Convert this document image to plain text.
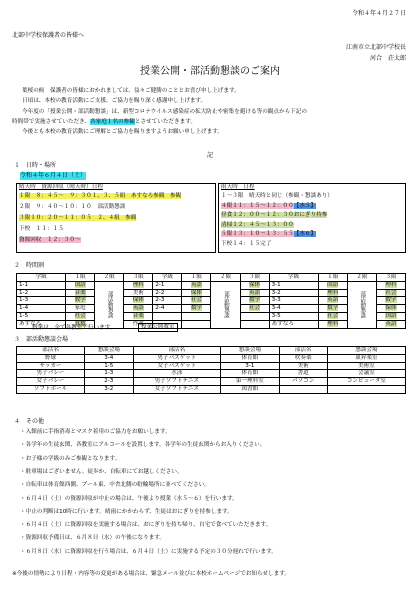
令和４年４月２７日
北部中学校保護者の皆様へ
江南市立北部中学校長
河合　荘太郎
授業公開・部活動懇談のご案内
葉桜の候　保護者の皆様におかれましては、益々ご健勝のこととお喜び申し上げます。
日頃は、本校の教育活動にご支援、ご協力を賜り深く感謝申し上げます。
今年度の「授業公開・部活動懇談」は、新型コロナウイルス感染症の拡大防止や密集を避ける等の観点から下記の
時間帯で実施させていただき、各家庭１名の参観とさせていただきます。
今後とも本校の教育活動にご理解とご協力を賜りますようお願い申し上げます。
記
１　日時・場所
令和４年６月４日（土）
晴天時　資源回収（晴天時）日程
１限　８：４５～　９：３０１、３、５組　あすなろ参観　参観
２限　９：４０～１０：１０　部活動懇談
３限１０：２０～１１：０５　２、４組　参観
下校　１１：１５
資源回収　１２：３０～
雨天時　日程
１～３限　晴天時と同じ（参観・懇談あり）
４限１１：１５～１２：００【水５】
昼食１２：００～１２：３０おにぎり持参
清掃１２：４５～１３：００
５限１３：１０～１３：５５【水６】
下校１４：１５完了
２　時間割
学級	１限	２限	３限	学級	１限	２限	３限	学級	１限	２限	３限
1-1	国語	部活動懇談	理科	2-1	英語	部活動懇談	保体	3-1	国語	部活動懇談	理科
1-2	音楽		美術	2-2	保体		英語	3-2	理科		社会
1-3	数学		保体	2-3	社会		数学	3-3	英語		数学
1-4	家庭		英語	2-4	数学		社会	3-4	数学		保体
1-5	社会		音楽					3-5	社会		国語
あすなろ	算数		作業					あすなろ	理科		英語
授業は、全て各教室で行います。	授業公開教室
３　部活動懇談会場
部活名	懇談会場	部活名	懇談会場	部活名	懇談会場
野球	3-4	男子バスケット	体育館	吹奏楽	東昇楽室
サッカー	1-5	女子バスケット	3-1	美術	美術室
男子バレー	1-3	水泳	体育館	書道	会議室
女子バレー	2-3	男子ソフトテニス	第一理科室	パソコン	コンピュータ室
ソフトボール	3-2	女子ソフトテニス	図書館		
４　その他
・入館前に手指消毒とマスク着用のご協力をお願いします。
・各学年の生徒玄関、各教室にアルコールを設置します。各学年の生徒玄関からお入りください。
・お子様の学級のみご参観となります。
・駐車場はございません。徒歩か、自転車にてお越しください。
・自転車は体育館西側、プール東、中舎北側の駐輪場所に並べてください。
・６月４日（土）の資源回収が中止の場合は、午後より授業（水５～６）を行います。
・中止の判断は10時に行います。晴雨にかかわらず、生徒はおにぎりを持参します。
・６月４日（土）に資源回収を実施する場合は、おにぎりを持ち帰り、自宅で食べていただきます。
・資源回収予備日は、６月８日（水）の午後になります。
・６月８日（水）に資源回収を行う場合は、６月４日（土）に実施する予定の３０分遅れで行います。
※今後の情勢により日程・内容等の変更がある場合は、緊急メール並びに本校ホームページでお知らせします。
